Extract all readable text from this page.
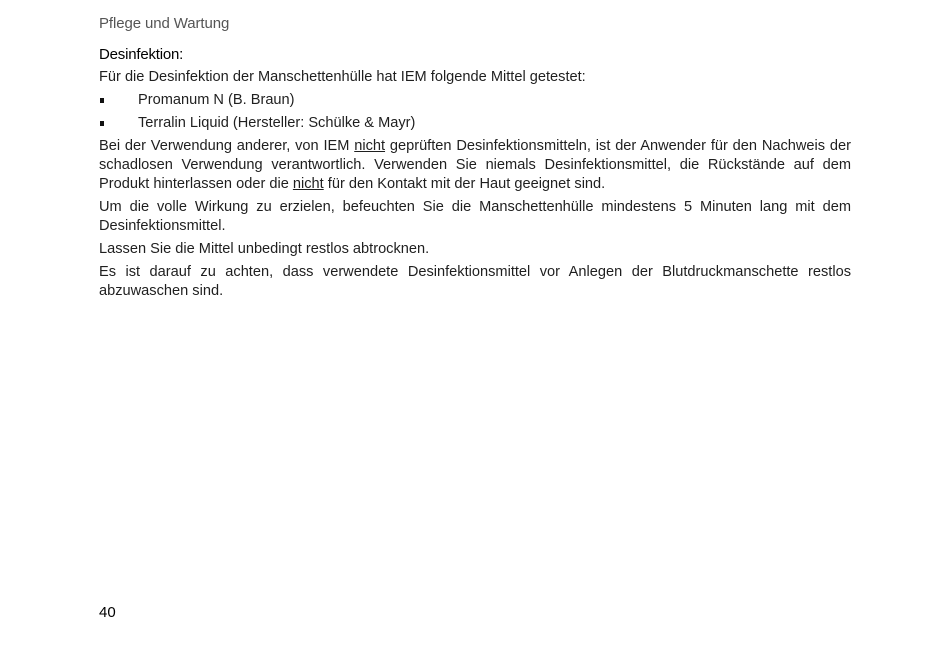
Pflege und Wartung
Desinfektion:

Für die Desinfektion der Manschettenhülle hat IEM folgende Mittel getestet:

Promanum N (B. Braun)
Terralin Liquid (Hersteller: Schülke & Mayr)

Bei der Verwendung anderer, von IEM nicht geprüften Desinfektionsmitteln, ist der Anwender für den Nachweis der schadlosen Verwendung verantwortlich. Verwenden Sie niemals Desinfektionsmittel, die Rückstände auf dem Produkt hinterlassen oder die nicht für den Kontakt mit der Haut geeignet sind.

Um die volle Wirkung zu erzielen, befeuchten Sie die Manschettenhülle mindestens 5 Minuten lang mit dem Desinfektionsmittel.

Lassen Sie die Mittel unbedingt restlos abtrocknen.

Es ist darauf zu achten, dass verwendete Desinfektionsmittel vor Anlegen der Blutdruckmanschette restlos abzuwaschen sind.

40
